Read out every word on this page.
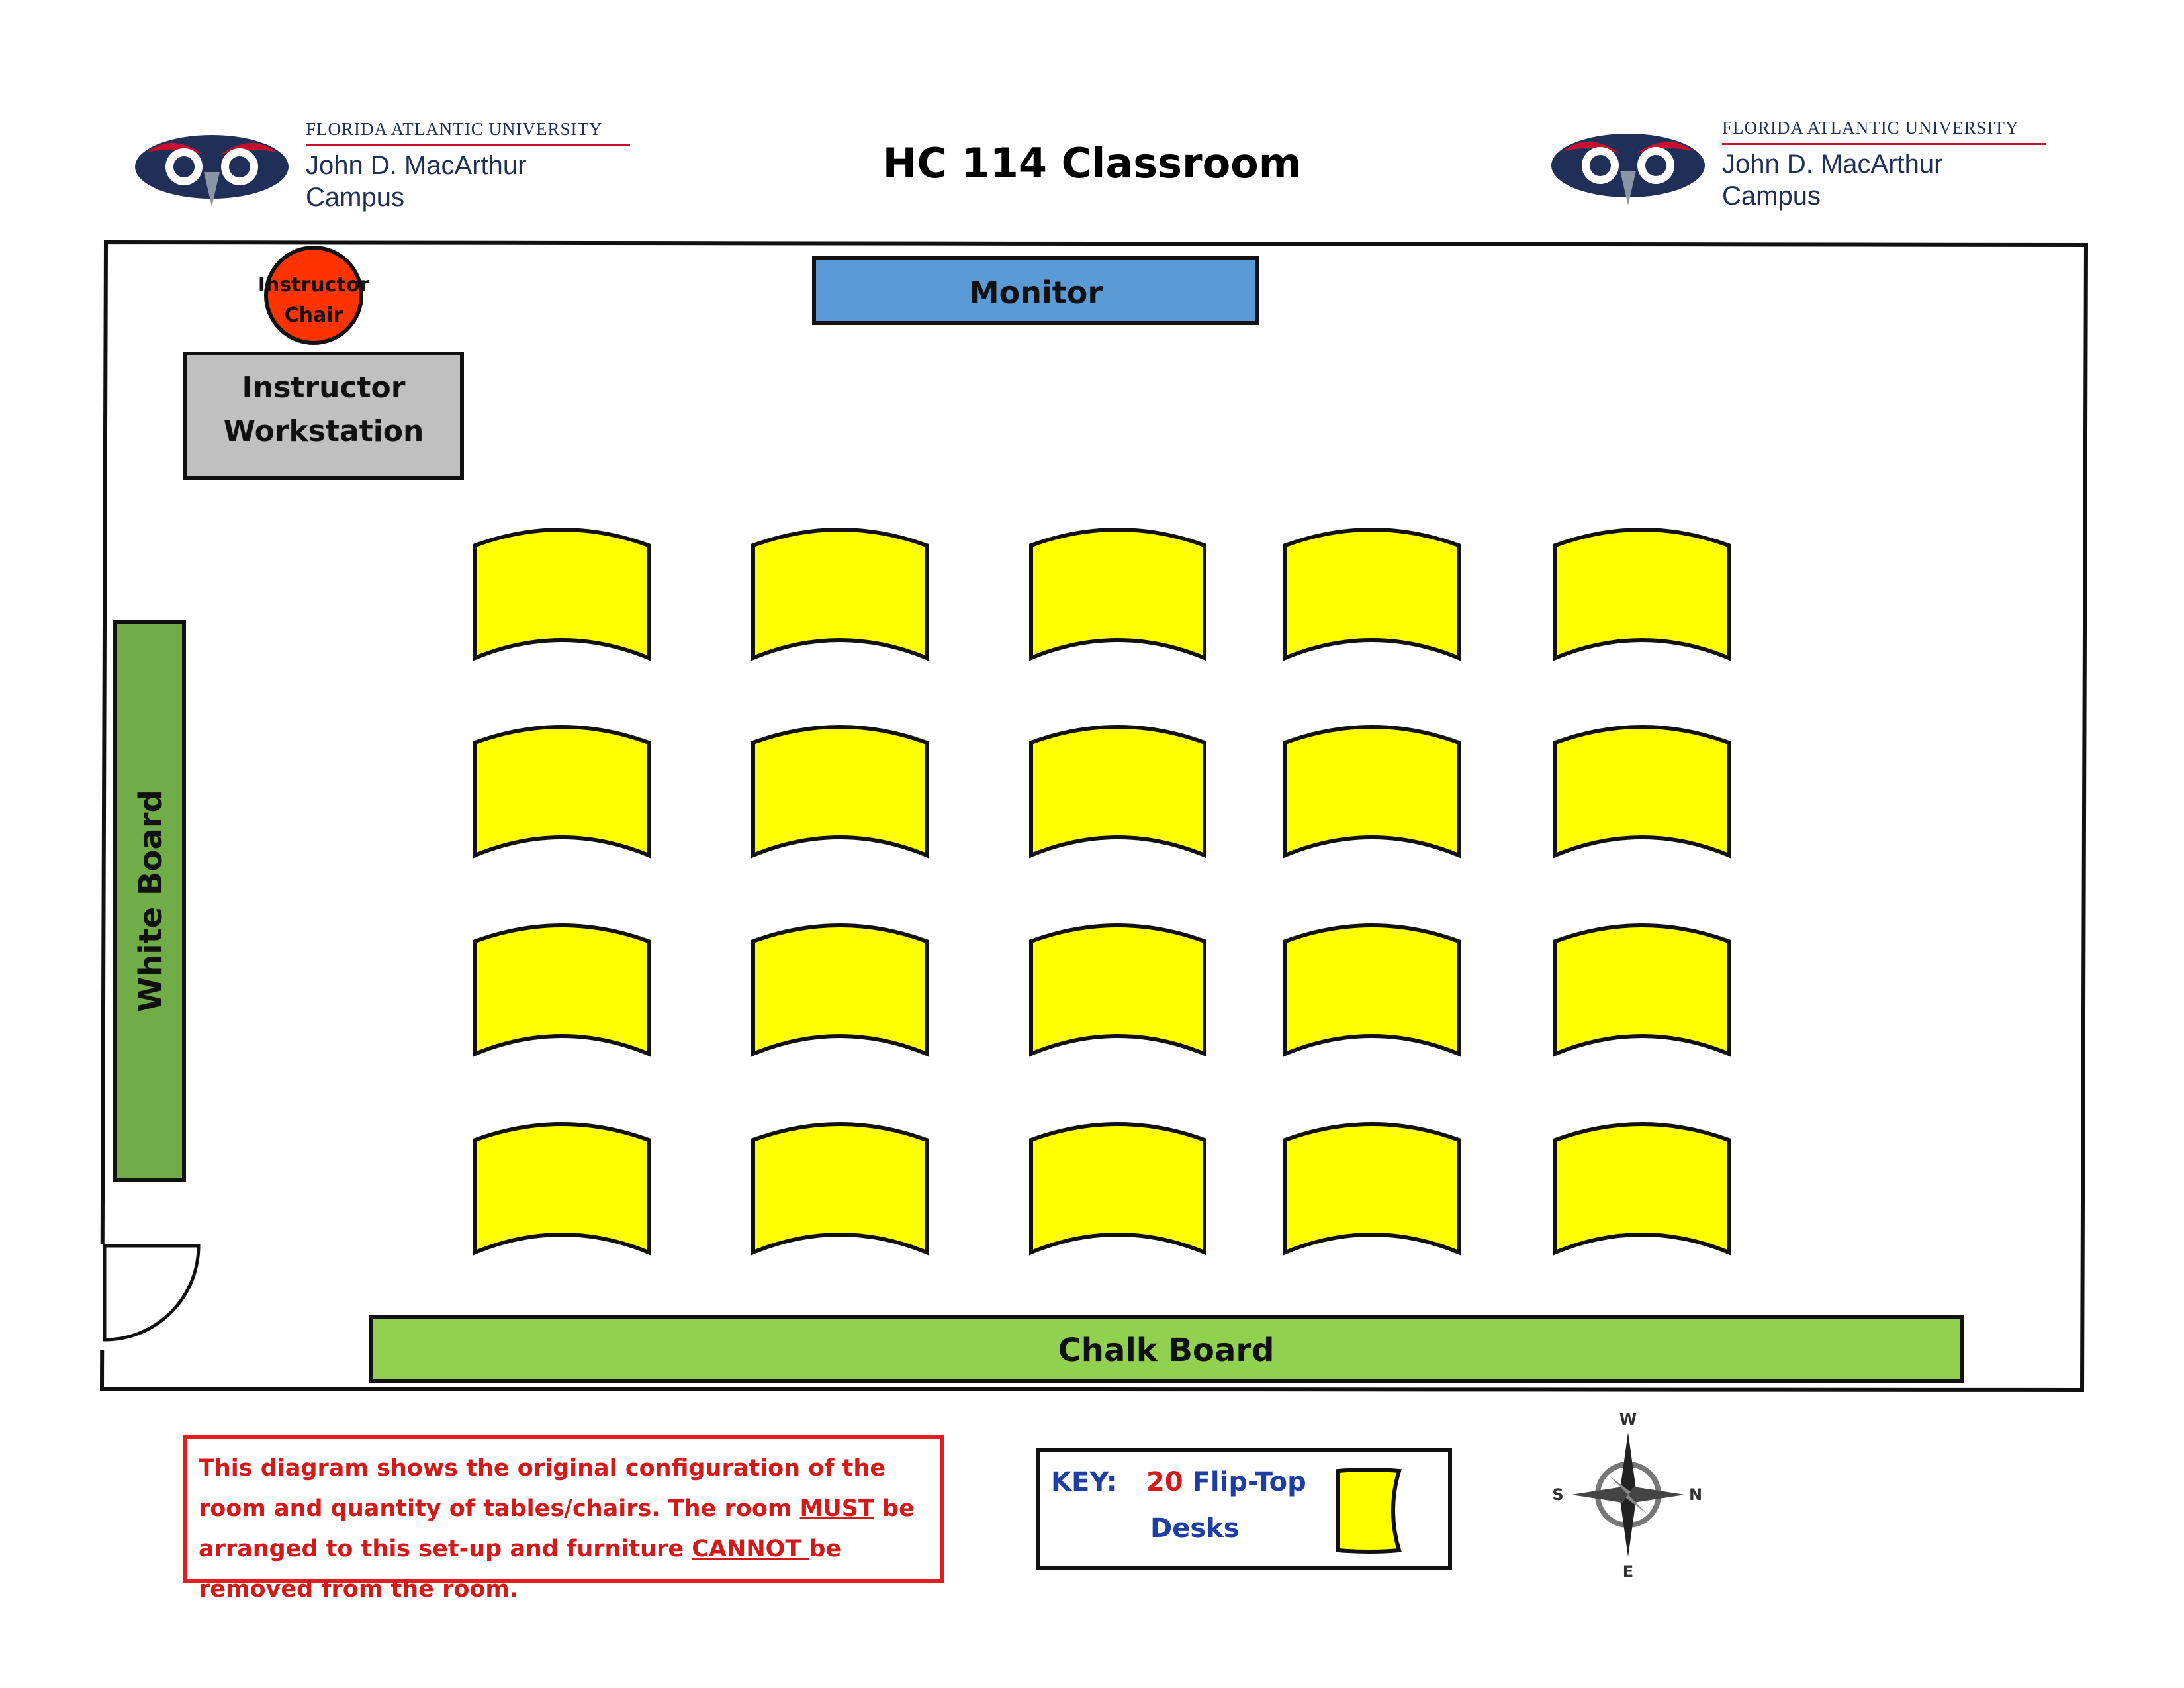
FLORIDA ATLANTIC UNIVERSITY
John D. MacArthur
Campus
FLORIDA ATLANTIC UNIVERSITY
John D. MacArthur
Campus
HC 114 Classroom
Monitor
Instructor
Chair
Instructor
Workstation
White Board
Chalk Board
This diagram shows the original configuration of the room and quantity of tables/chairs. The room MUST be arranged to this set-up and furniture CANNOT be removed from the room.
KEY: 20 Flip-Top
Desks
W
S	N
E
